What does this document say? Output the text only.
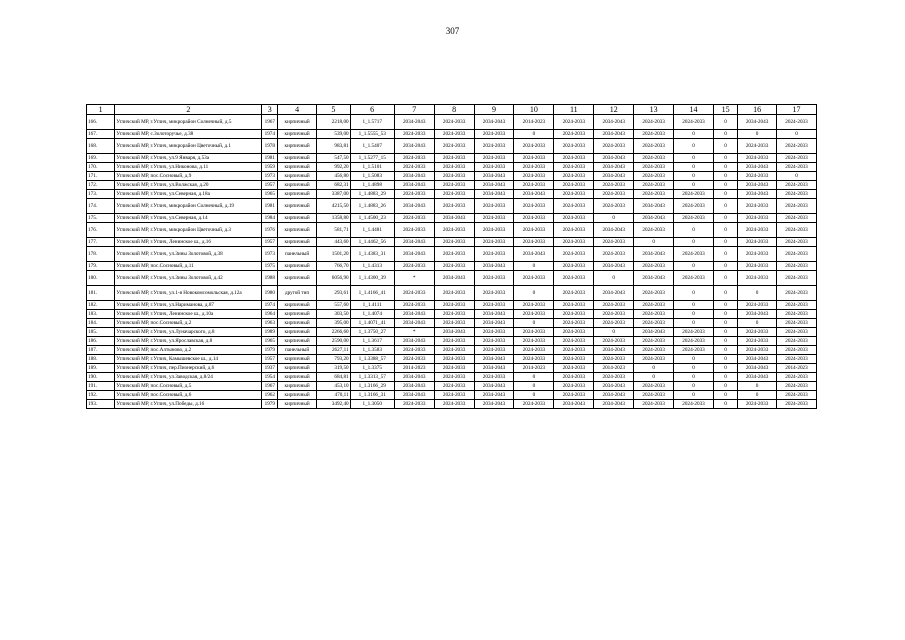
307
1	2	3	4	5	6	7	8	9	10	11	12	13	14	15	16	17
166.	Угличский МР, г.Углич, микрорайон Солнечный, д.5	1967	кирпичный	2218,00	1_1.5717	2034-2043	2024-2033	2034-2043	2014-2023	2024-2033	2034-2043	2024-2033	2024-2033	0	2034-2043	2024-2033
167.	Угличский МР, с.Золоторучье, д.38	1974	кирпичный	539,00	1_1.5555_53	2024-2033	2024-2033	2024-2033	0	2024-2033	2034-2043	2024-2033	0	0	0	0
168.	Угличский МР, г.Углич, микрорайон Цветочный, д.1	1978	кирпичный	983,81	1_1.5407	2034-2043	2024-2033	2024-2033	2024-2033	2024-2033	2024-2033	2024-2033	0	0	2024-2033	2024-2033
169.	Угличский МР, г.Углич, ул.9 Января, д.53а	1981	кирпичный	547,50	1_1.5277_15	2024-2033	2024-2033	2024-2033	2024-2033	2024-2033	2034-2043	2024-2033	0	0	2024-2033	2024-2033
170.	Угличский МР, г.Углич, ул.Никонова, д.11	1959	кирпичный	992,20	1_1.5101	2024-2033	2024-2033	2024-2033	2024-2033	2024-2033	2034-2043	2024-2033	0	0	2034-2043	2024-2033
171.	Угличский МР, пос.Сосновый, д.9	1973	кирпичный	456,80	1_1.5083	2034-2043	2024-2033	2034-2043	2024-2033	2024-2033	2034-2043	2024-2033	0	0	2024-2033	0
172.	Угличский МР, г.Углич, ул.Волжская, д.20	1957	кирпичный	682,31	1_1.4898	2034-2043	2024-2033	2034-2043	2024-2033	2024-2033	2024-2033	2024-2033	0	0	2034-2043	2024-2033
173.	Угличский МР, г.Углич, ул.Северная, д.18а	1965	кирпичный	3387,00	1_1.4883_29	2024-2033	2024-2033	2034-2043	2034-2043	2024-2033	2024-2033	2024-2033	2024-2033	0	2034-2043	2024-2033
174.	Угличский МР, г.Углич, микрорайон Солнечный, д.19	1981	кирпичный	4215,50	1_1.4883_26	2034-2043	2024-2033	2024-2033	2024-2033	2024-2033	2024-2033	2034-2043	2024-2033	0	2024-2033	2024-2033
175.	Угличский МР, г.Углич, ул.Северная, д.14	1984	кирпичный	1358,80	1_1.4500_23	2024-2033	2034-2043	2024-2033	2024-2033	2024-2033	0	2034-2043	2024-2033	0	2024-2033	2024-2033
176.	Угличский МР, г.Углич, микрорайон Цветочный, д.3	1976	кирпичный	581,71	1_1.4481	2024-2033	2024-2033	2024-2033	2024-2033	2024-2033	2034-2043	2024-2033	0	0	2024-2033	2024-2033
177.	Угличский МР, г.Углич, Ленинское ш., д.16	1957	кирпичный	443,60	1_1.4462_56	2034-2043	2024-2033	2024-2033	2024-2033	2024-2033	2024-2033	0	0	0	2024-2033	2024-2033
178.	Угличский МР, г.Углич, ул.Зины Золотовой, д.38	1973	панельный	1501,20	1_1.4383_31	2034-2043	2024-2033	2024-2033	2034-2043	2024-2033	2024-2033	2034-2043	2024-2033	0	2024-2033	2024-2033
179.	Угличский МР, пос.Сосновый, д.11	1975	кирпичный	766,70	1_1.4313	2024-2033	2024-2033	2034-2043	0	2024-2033	2034-2043	2024-2033	0	0	2024-2033	2024-2033
180.	Угличский МР, г.Углич, ул.Зины Золотовой, д.42	1988	кирпичный	6056,90	1_1.4300_39	*	2034-2043	2024-2033	2024-2033	2024-2033	0	2034-2043	2024-2033	0	2024-2033	2024-2033
181.	Угличский МР, г.Углич, ул.1-я Новокомсомольская, д.12а	1980	другой тип	293,61	1_1.4166_41	2024-2033	2024-2033	2024-2033	0	2024-2033	2034-2043	2024-2033	0	0	0	2024-2033
182.	Угличский МР, г.Углич, ул.Нариманова, д.87	1974	кирпичный	557,60	1_1.4111	2024-2033	2024-2033	2024-2033	2024-2033	2024-2033	2024-2033	2024-2033	0	0	2024-2033	2024-2033
183.	Угличский МР, г.Углич, Ленинское ш., д.10а	1964	кирпичный	303,50	1_1.4074	2034-2043	2024-2033	2034-2043	2024-2033	2024-2033	2024-2033	2024-2033	0	0	2034-2043	2024-2033
184.	Угличский МР, пос.Сосновый, д.2	1963	кирпичный	395,00	1_1.4071_41	2034-2043	2024-2033	2034-2043	0	2024-2033	2024-2033	2024-2033	0	0	0	2024-2033
185.	Угличский МР, г.Углич, ул.Луначарского, д.8	1989	кирпичный	2266,60	1_1.3750_27	*	2034-2043	2024-2033	2024-2033	2024-2033	0	2034-2043	2024-2033	0	2024-2033	2024-2033
186.	Угличский МР, г.Углич, ул.Ярославская, д.8	1965	кирпичный	2590,00	1_1.3617	2034-2043	2024-2033	2024-2033	2024-2033	2024-2033	2024-2033	2024-2033	2024-2033	0	2024-2033	2024-2033
187.	Угличский МР, пос.Алтыново, д.2	1979	панельный	2627,11	1_1.3583	2024-2033	2024-2033	2024-2033	2024-2033	2024-2033	2034-2043	2024-2033	2024-2033	0	2024-2033	2024-2033
188.	Угличский МР, г.Углич, Камышевское ш., д.14	1957	кирпичный	793,20	1_1.3388_57	2024-2033	2024-2033	2034-2043	2024-2033	2024-2033	2024-2033	2024-2033	0	0	2034-2043	2024-2033
189.	Угличский МР, г.Углич, пер.Пионерский, д.6	1937	кирпичный	319,50	1_1.3375	2014-2023	2024-2033	2034-2043	2014-2023	2024-2033	2014-2023	0	0	0	2034-2043	2014-2023
190.	Угличский МР, г.Углич, ул.Заводская, д.8/24	1954	кирпичный	684,81	1_1.3313_57	2034-2043	2024-2033	2024-2033	0	2024-2033	2024-2033	0	0	0	2034-2043	2024-2033
191.	Угличский МР, пос.Сосновый, д.5	1967	кирпичный	453,10	1_1.3166_29	2034-2043	2024-2033	2034-2043	0	2024-2033	2034-2043	2024-2033	0	0	0	2024-2033
192.	Угличский МР, пос.Сосновый, д.6	1962	кирпичный	470,11	1_1.3166_31	2034-2043	2024-2033	2034-2043	0	2024-2033	2034-2043	2024-2033	0	0	0	2024-2033
193.	Угличский МР, г.Углич, ул.Победы, д.16	1979	кирпичный	3492,40	1_1.3050	2024-2033	2024-2033	2034-2043	2024-2033	2034-2043	2034-2043	2024-2033	2024-2033	0	2024-2033	2024-2033
